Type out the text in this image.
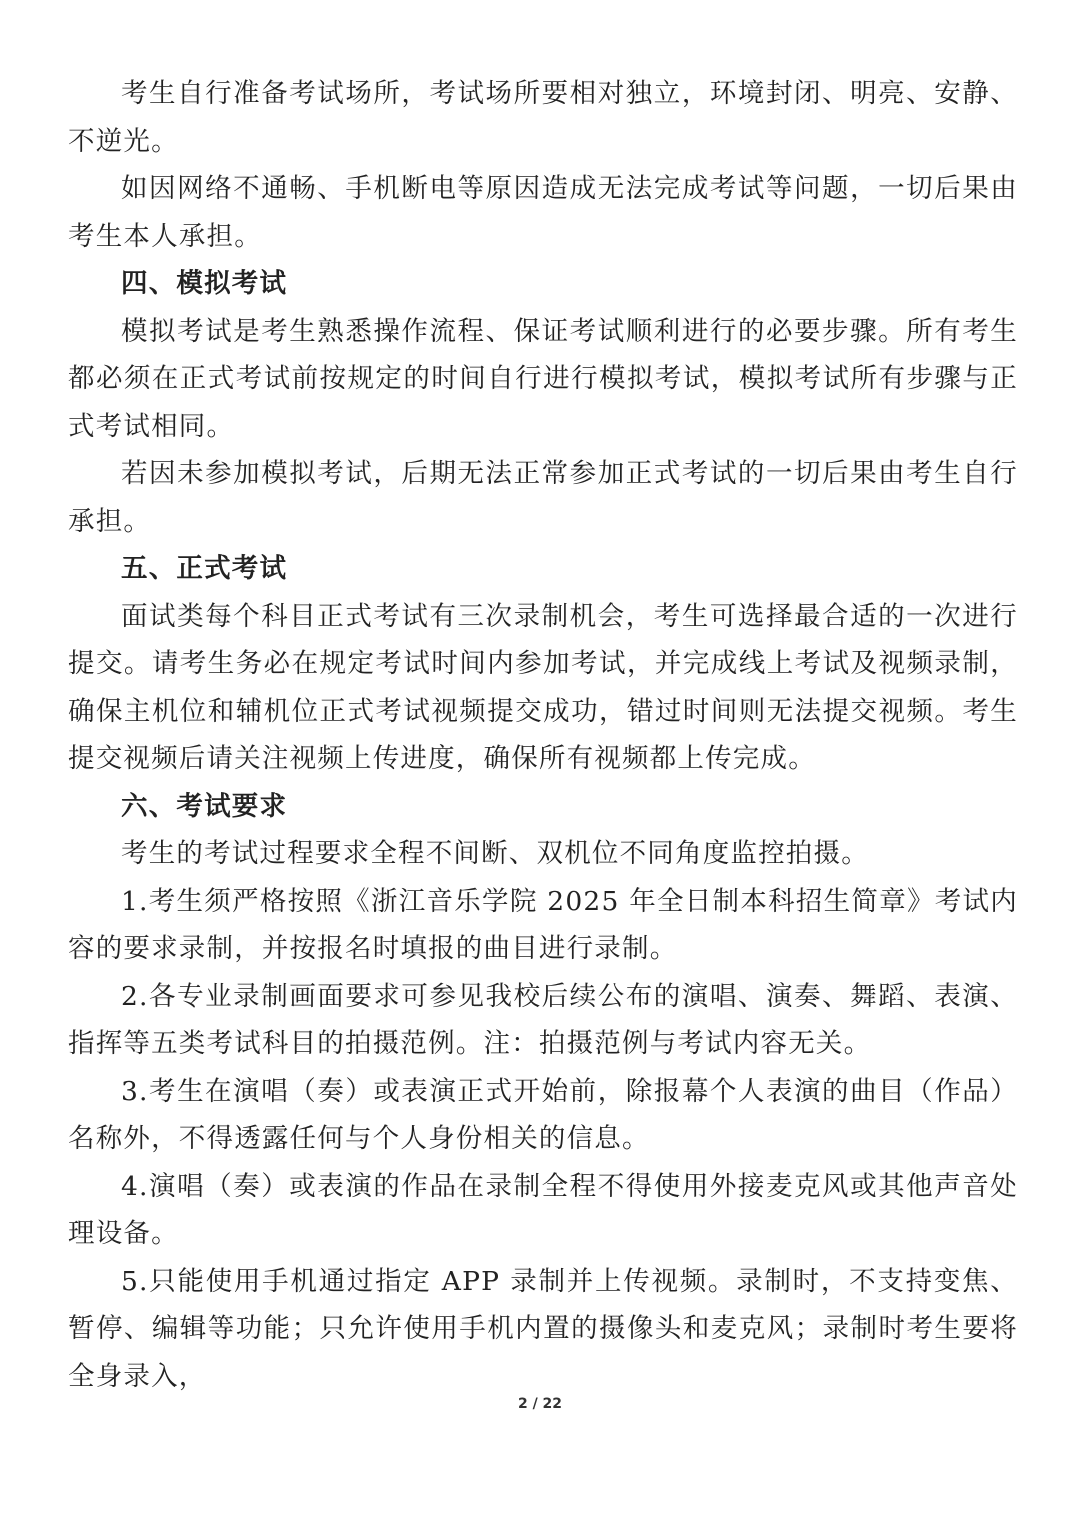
考生自行准备考试场所，考试场所要相对独立，环境封闭、明亮、安静、不逆光。

如因网络不通畅、手机断电等原因造成无法完成考试等问题，一切后果由考生本人承担。

四、模拟考试

模拟考试是考生熟悉操作流程、保证考试顺利进行的必要步骤。所有考生都必须在正式考试前按规定的时间自行进行模拟考试，模拟考试所有步骤与正式考试相同。

若因未参加模拟考试，后期无法正常参加正式考试的一切后果由考生自行承担。

五、正式考试

面试类每个科目正式考试有三次录制机会，考生可选择最合适的一次进行提交。请考生务必在规定考试时间内参加考试，并完成线上考试及视频录制，确保主机位和辅机位正式考试视频提交成功，错过时间则无法提交视频。考生提交视频后请关注视频上传进度，确保所有视频都上传完成。

六、考试要求

考生的考试过程要求全程不间断、双机位不同角度监控拍摄。

1.考生须严格按照《浙江音乐学院 2025 年全日制本科招生简章》考试内容的要求录制，并按报名时填报的曲目进行录制。

2.各专业录制画面要求可参见我校后续公布的演唱、演奏、舞蹈、表演、指挥等五类考试科目的拍摄范例。注：拍摄范例与考试内容无关。

3.考生在演唱（奏）或表演正式开始前，除报幕个人表演的曲目（作品）名称外，不得透露任何与个人身份相关的信息。

4.演唱（奏）或表演的作品在录制全程不得使用外接麦克风或其他声音处理设备。

5.只能使用手机通过指定 APP 录制并上传视频。录制时，不支持变焦、暂停、编辑等功能；只允许使用手机内置的摄像头和麦克风；录制时考生要将全身录入，

2 / 22
